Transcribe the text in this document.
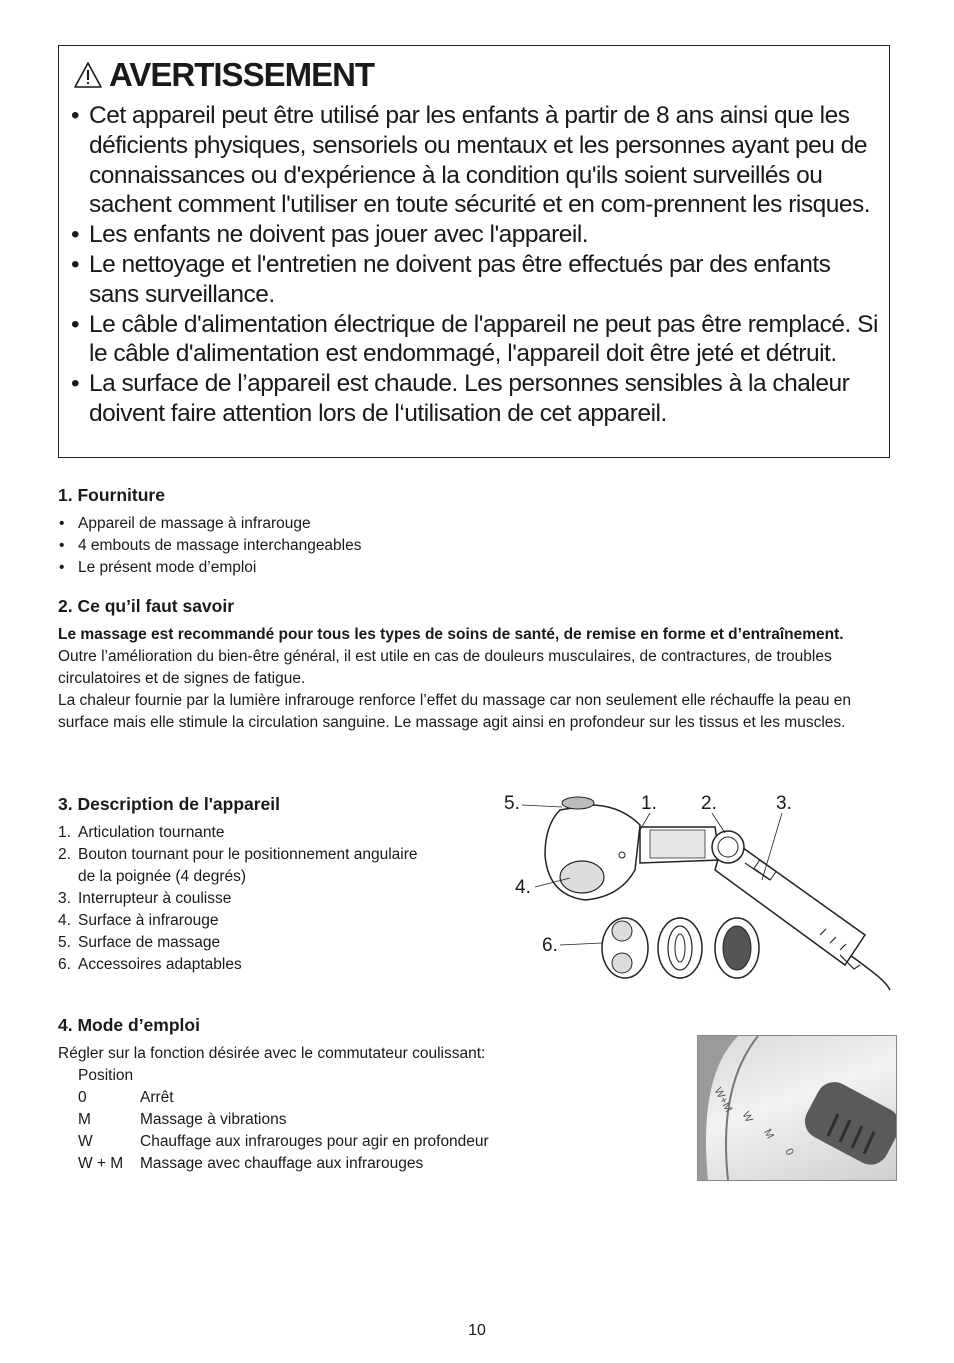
AVERTISSEMENT
• Cet appareil peut être utilisé par les enfants à partir de 8 ans ainsi que les déficients physiques, sensoriels ou mentaux et les personnes ayant peu de connaissances ou d'expérience à la condition qu'ils soient surveillés ou sachent comment l'utiliser en toute sécurité et en com-prennent les risques.
• Les enfants ne doivent pas jouer avec l'appareil.
• Le nettoyage et l'entretien ne doivent pas être effectués par des enfants sans surveillance.
• Le câble d'alimentation électrique de l'appareil ne peut pas être remplacé. Si le câble d'alimentation est endommagé, l'appareil doit être jeté et détruit.
• La surface de l’appareil est chaude. Les personnes sensibles à la chaleur doivent faire attention lors de l‘utilisation de cet appareil.
1. Fourniture
• Appareil de massage à infrarouge
• 4 embouts de massage interchangeables
• Le présent mode d’emploi
2. Ce qu’il faut savoir
Le massage est recommandé pour tous les types de soins de santé, de remise en forme et d’entraînement.
Outre l’amélioration du bien-être général, il est utile en cas de douleurs musculaires, de contractures, de troubles circulatoires et de signes de fatigue.
La chaleur fournie par la lumière infrarouge renforce l’effet du massage car non seulement elle réchauffe la peau en surface mais elle stimule la circulation sanguine. Le massage agit ainsi en profondeur sur les tissus et les muscles.
3. Description de l'appareil
1. Articulation tournante
2. Bouton tournant pour le positionnement angulaire de la poignée (4 degrés)
3. Interrupteur à coulisse
4. Surface à infrarouge
5. Surface de massage
6. Accessoires adaptables
5.	1. 2.	3.
4.
6.
4. Mode d’emploi
Régler sur la fonction désirée avec le commutateur coulissant:
Position
0	Arrêt
M	Massage à vibrations
W	Chauffage aux infrarouges pour agir en profondeur
W + M	Massage avec chauffage aux infrarouges
W+M
W
M
0
10
